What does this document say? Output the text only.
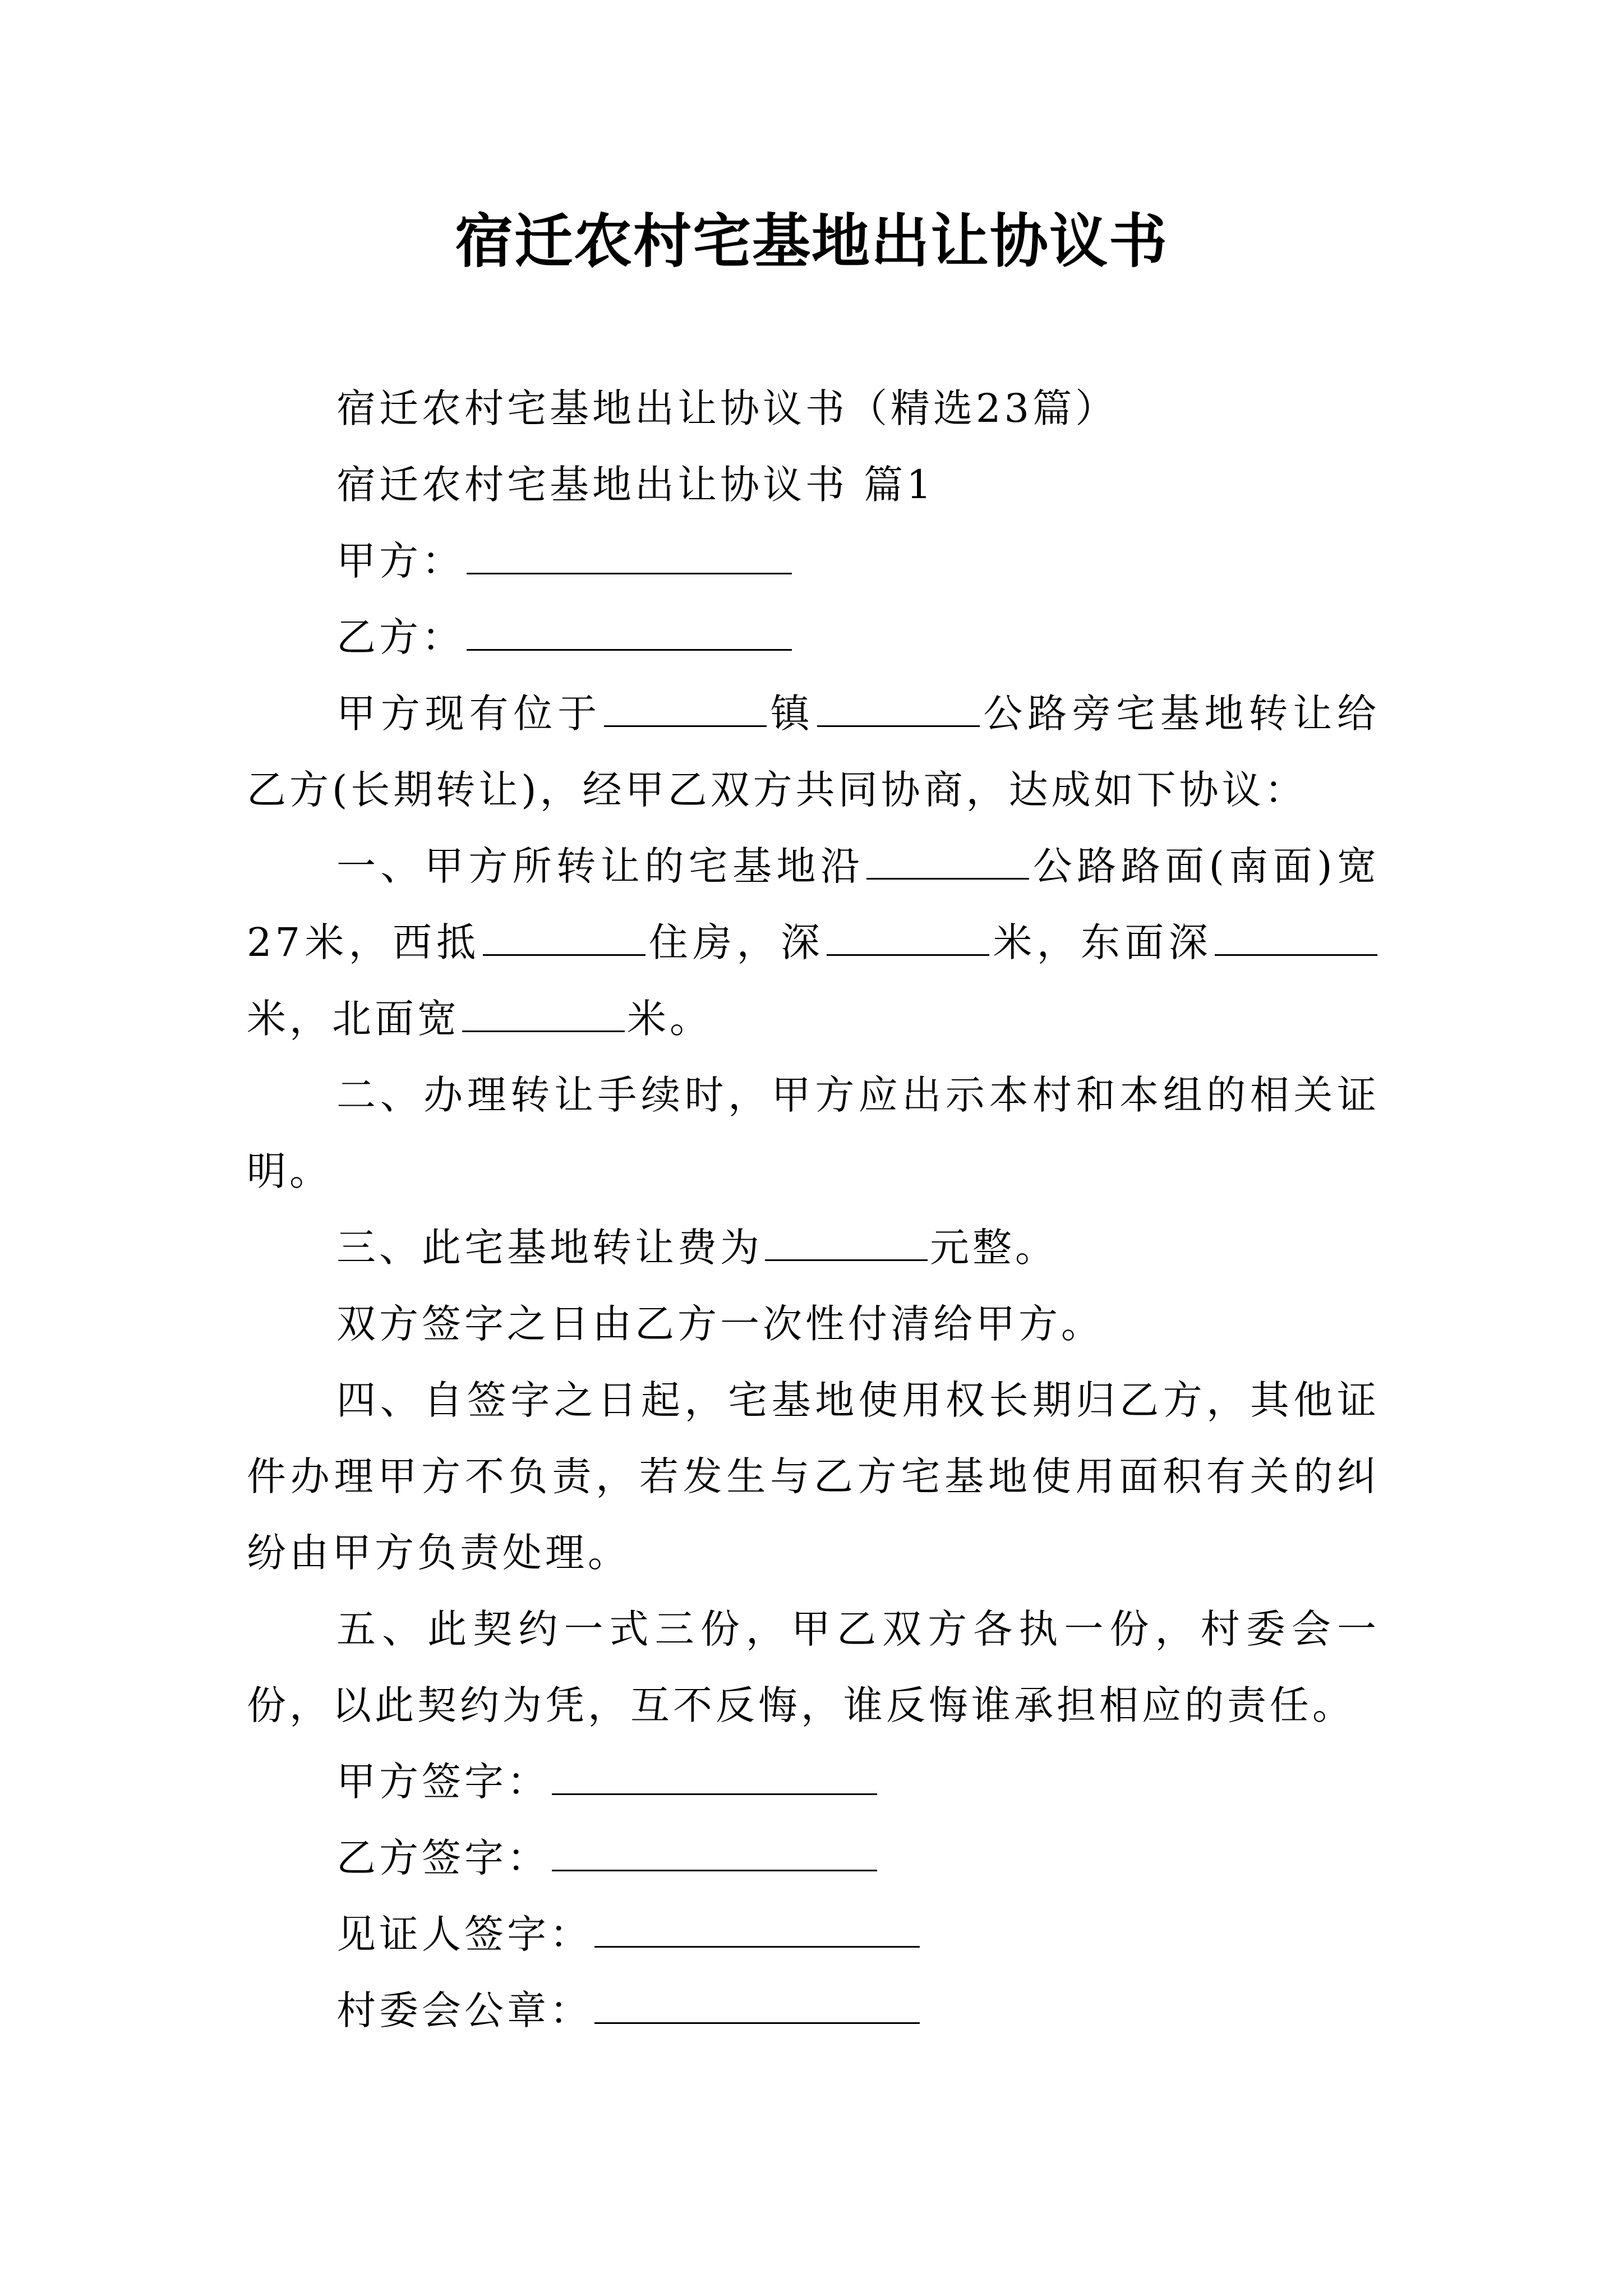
宿迁农村宅基地出让协议书

宿迁农村宅基地出让协议书（精选23篇）

宿迁农村宅基地出让协议书 篇1

甲方：

乙方：

甲方现有位于	镇	公路旁宅基地转让给乙方(长期转让)，经甲乙双方共同协商，达成如下协议：

一、甲方所转让的宅基地沿	公路路面(南面)宽27米，西抵	住房，深	米，东面深米，北面宽	米。

二、办理转让手续时，甲方应出示本村和本组的相关证明。

三、此宅基地转让费为	元整。

双方签字之日由乙方一次性付清给甲方。

四、自签字之日起，宅基地使用权长期归乙方，其他证件办理甲方不负责，若发生与乙方宅基地使用面积有关的纠纷由甲方负责处理。

五、此契约一式三份，甲乙双方各执一份，村委会一份，以此契约为凭，互不反悔，谁反悔谁承担相应的责任。

甲方签字：

乙方签字：

见证人签字：

村委会公章：
